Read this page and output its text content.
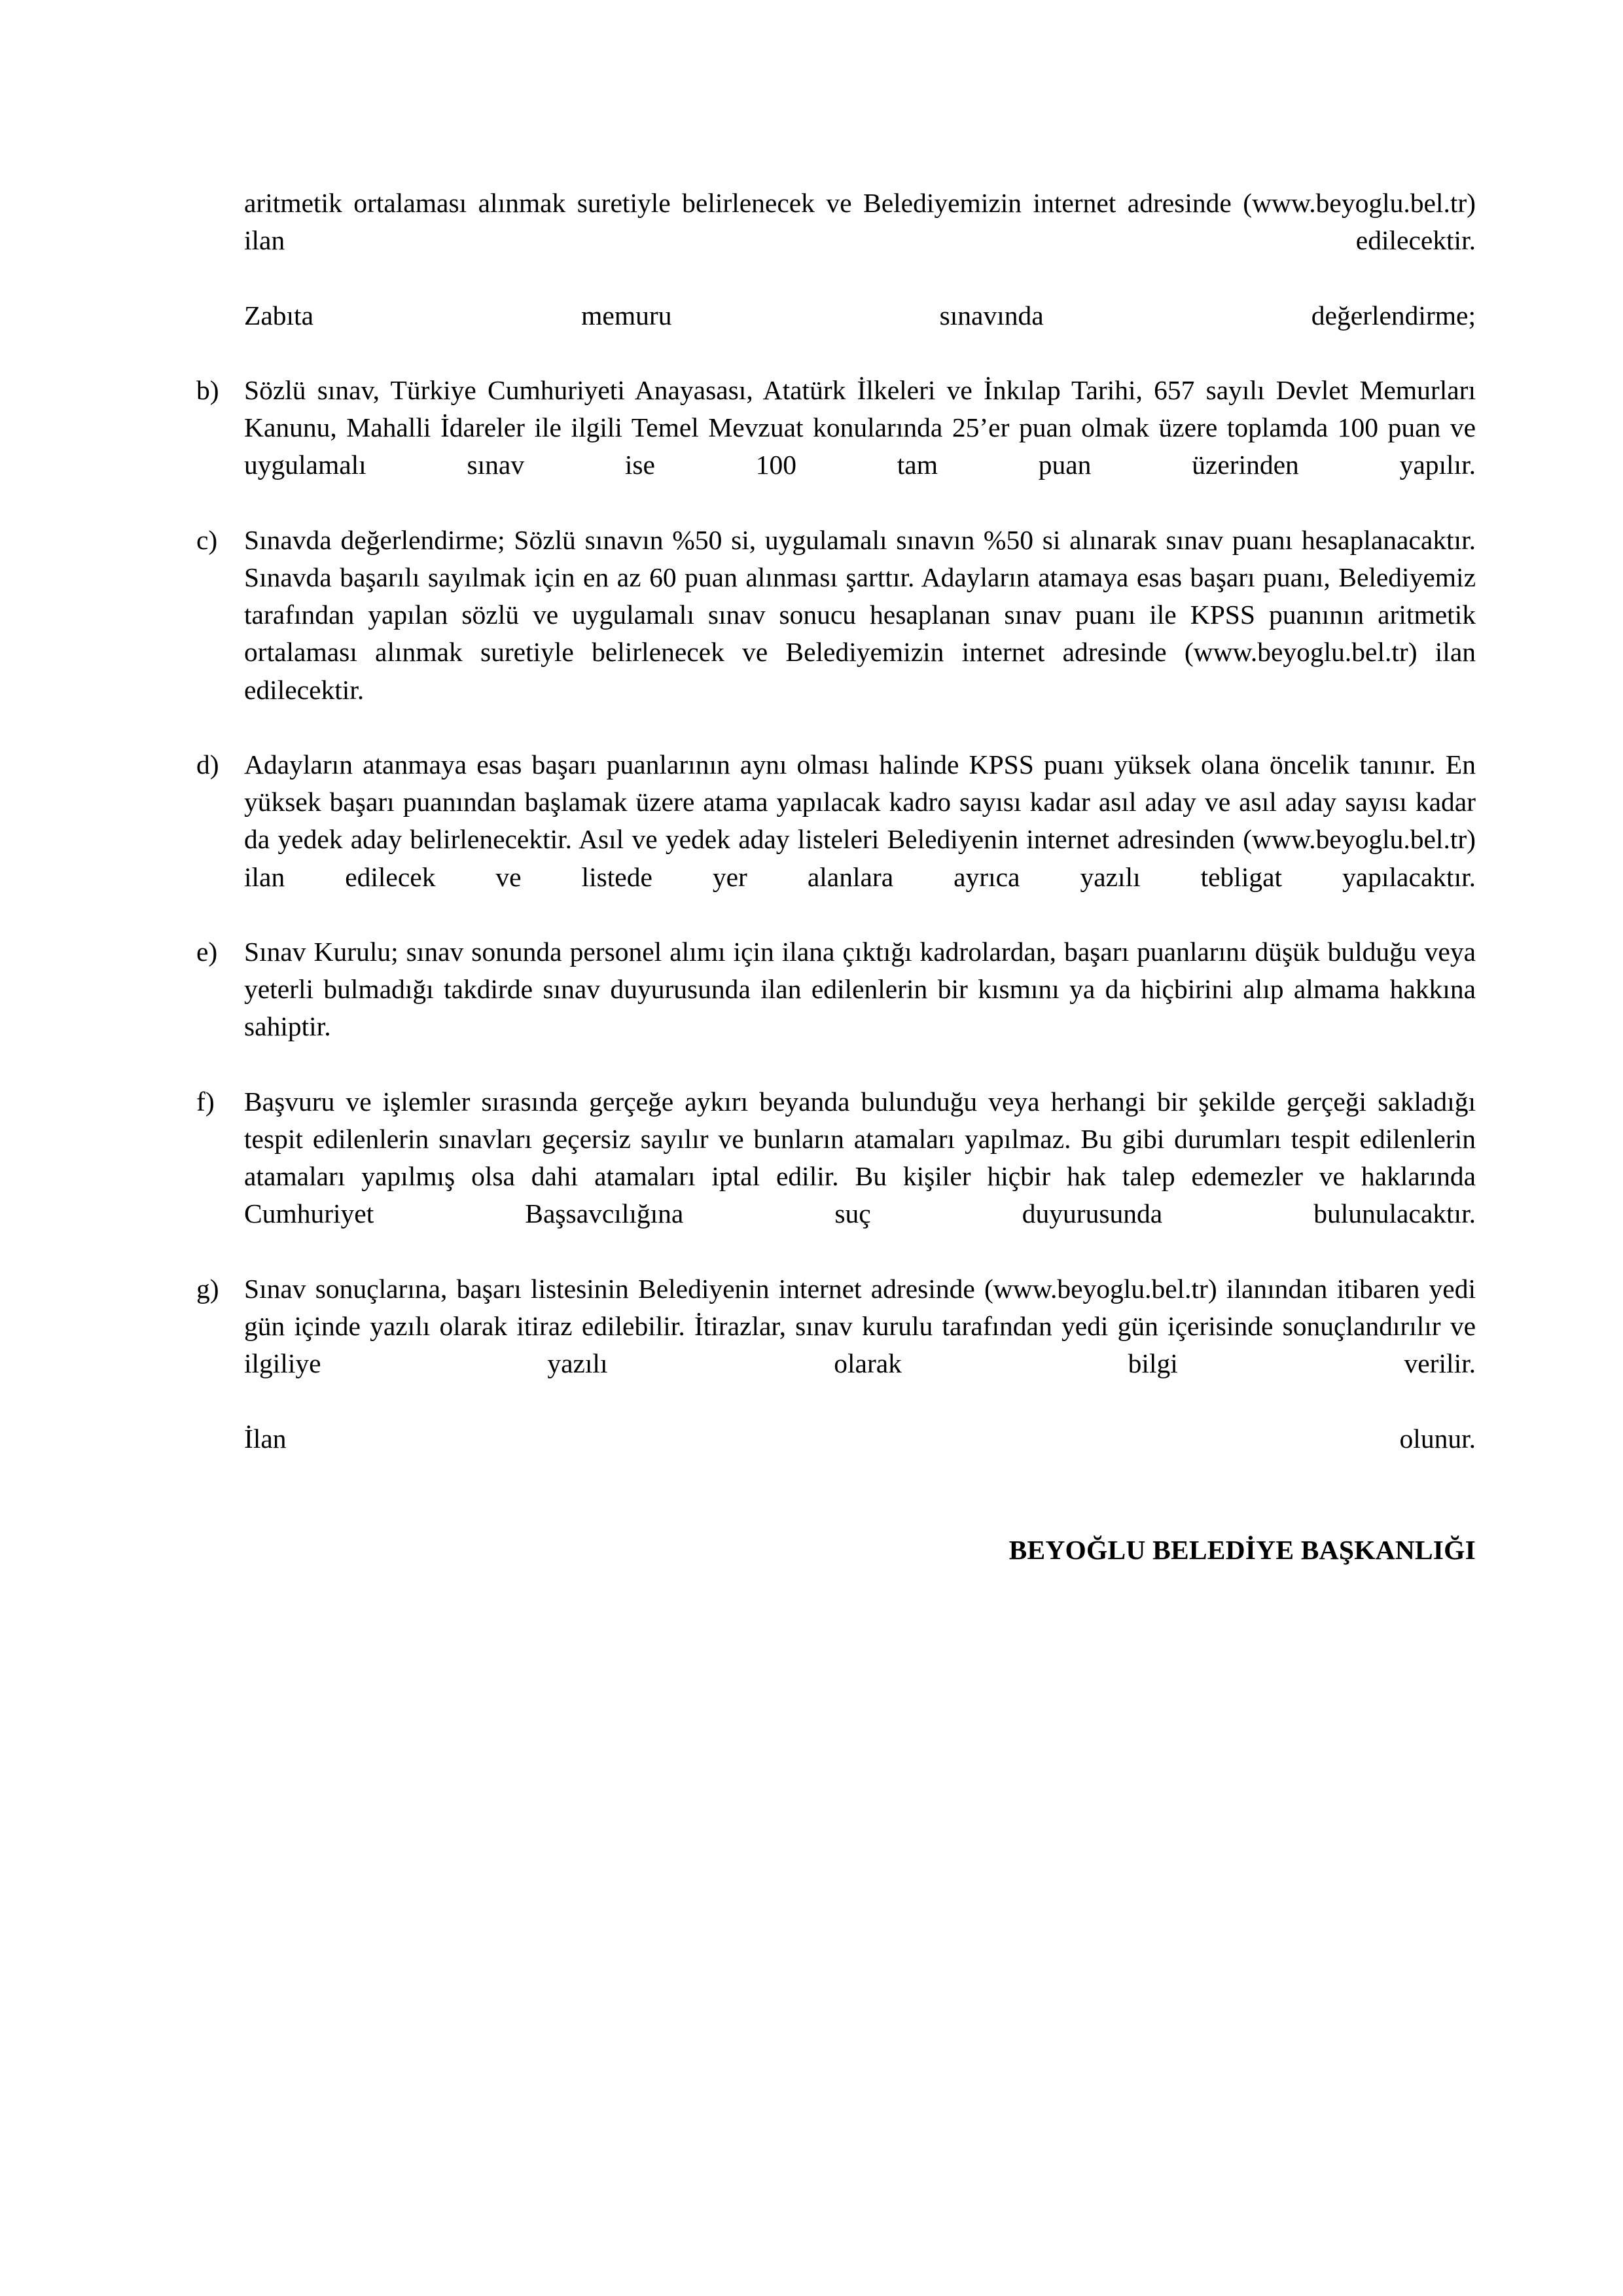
aritmetik ortalaması alınmak suretiyle belirlenecek ve Belediyemizin internet adresinde (www.beyoglu.bel.tr) ilan edilecektir.

Zabıta memuru sınavında değerlendirme;

b) Sözlü sınav, Türkiye Cumhuriyeti Anayasası, Atatürk İlkeleri ve İnkılap Tarihi, 657 sayılı Devlet Memurları Kanunu, Mahalli İdareler ile ilgili Temel Mevzuat konularında 25’er puan olmak üzere toplamda 100 puan ve uygulamalı sınav ise 100 tam puan üzerinden yapılır.
c) Sınavda değerlendirme; Sözlü sınavın %50 si, uygulamalı sınavın %50 si alınarak sınav puanı hesaplanacaktır. Sınavda başarılı sayılmak için en az 60 puan alınması şarttır. Adayların atamaya esas başarı puanı, Belediyemiz tarafından yapılan sözlü ve uygulamalı sınav sonucu hesaplanan sınav puanı ile KPSS puanının aritmetik ortalaması alınmak suretiyle belirlenecek ve Belediyemizin internet adresinde (www.beyoglu.bel.tr) ilan edilecektir.
d) Adayların atanmaya esas başarı puanlarının aynı olması halinde KPSS puanı yüksek olana öncelik tanınır. En yüksek başarı puanından başlamak üzere atama yapılacak kadro sayısı kadar asıl aday ve asıl aday sayısı kadar da yedek aday belirlenecektir. Asıl ve yedek aday listeleri Belediyenin internet adresinden (www.beyoglu.bel.tr) ilan edilecek ve listede yer alanlara ayrıca yazılı tebligat yapılacaktır.
e) Sınav Kurulu; sınav sonunda personel alımı için ilana çıktığı kadrolardan, başarı puanlarını düşük bulduğu veya yeterli bulmadığı takdirde sınav duyurusunda ilan edilenlerin bir kısmını ya da hiçbirini alıp almama hakkına sahiptir.
f)	Başvuru ve işlemler sırasında gerçeğe aykırı beyanda bulunduğu veya herhangi bir şekilde gerçeği sakladığı tespit edilenlerin sınavları geçersiz sayılır ve bunların atamaları yapılmaz. Bu gibi durumları tespit edilenlerin atamaları yapılmış olsa dahi atamaları iptal edilir. Bu kişiler hiçbir hak talep edemezler ve haklarında Cumhuriyet Başsavcılığına suç duyurusunda bulunulacaktır.
g) Sınav sonuçlarına, başarı listesinin Belediyenin internet adresinde (www.beyoglu.bel.tr) ilanından itibaren yedi gün içinde yazılı olarak itiraz edilebilir. İtirazlar, sınav kurulu tarafından yedi gün içerisinde sonuçlandırılır ve ilgiliye yazılı olarak bilgi verilir.

İlan olunur.

BEYOĞLU BELEDİYE BAŞKANLIĞI
